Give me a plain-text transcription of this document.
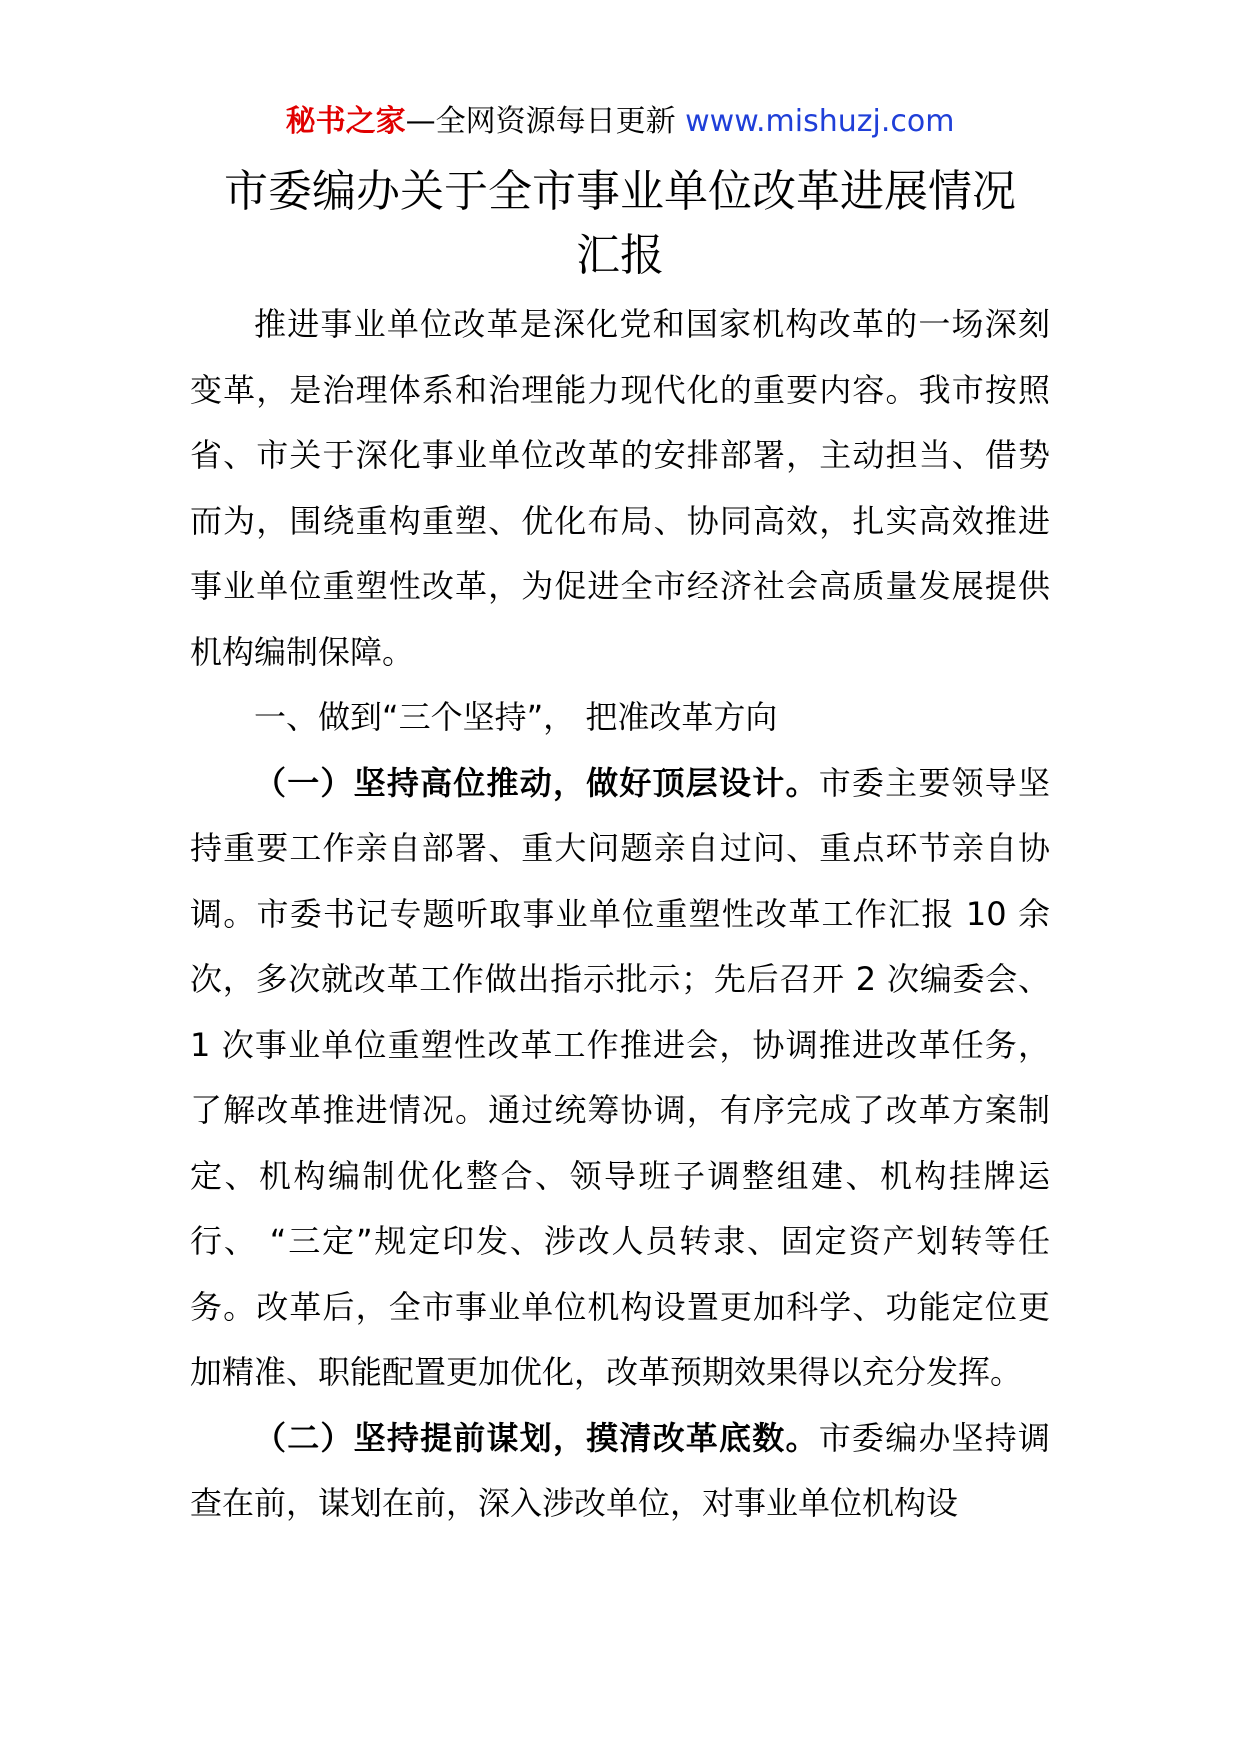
秘书之家—全网资源每日更新 www.mishuzj.com
市委编办关于全市事业单位改革进展情况
汇报

推进事业单位改革是深化党和国家机构改革的一场深刻变革，是治理体系和治理能力现代化的重要内容。我市按照省、市关于深化事业单位改革的安排部署，主动担当、借势而为，围绕重构重塑、优化布局、协同高效，扎实高效推进事业单位重塑性改革，为促进全市经济社会高质量发展提供机构编制保障。

一、做到“三个坚持”， 把准改革方向

（一）坚持高位推动，做好顶层设计。市委主要领导坚持重要工作亲自部署、重大问题亲自过问、重点环节亲自协调。市委书记专题听取事业单位重塑性改革工作汇报 10 余次，多次就改革工作做出指示批示；先后召开 2 次编委会、1 次事业单位重塑性改革工作推进会，协调推进改革任务，了解改革推进情况。通过统筹协调，有序完成了改革方案制定、机构编制优化整合、领导班子调整组建、机构挂牌运行、 “三定”规定印发、涉改人员转隶、固定资产划转等任务。改革后，全市事业单位机构设置更加科学、功能定位更加精准、职能配置更加优化，改革预期效果得以充分发挥。

（二）坚持提前谋划，摸清改革底数。市委编办坚持调查在前，谋划在前，深入涉改单位，对事业单位机构设
